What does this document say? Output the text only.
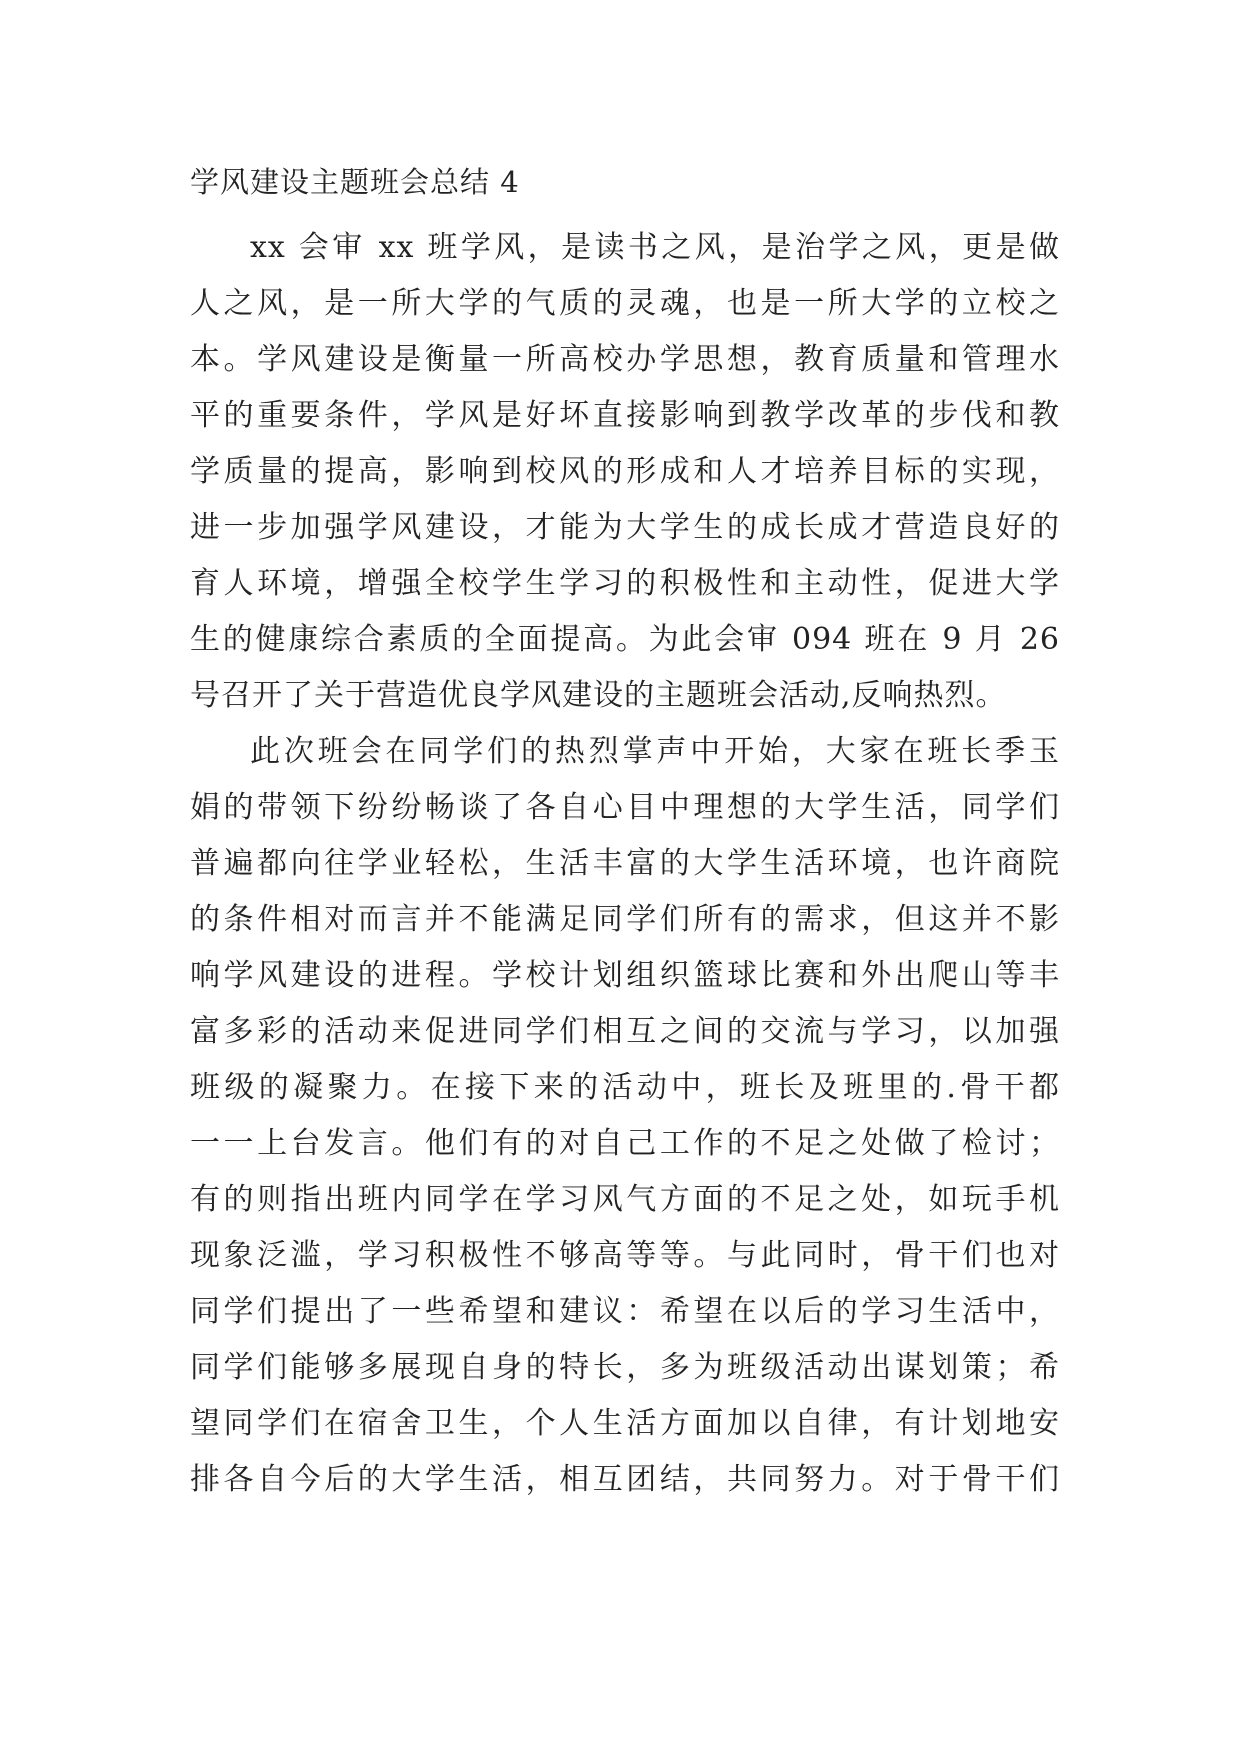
学风建设主题班会总结 4
xx 会审 xx 班学风，是读书之风，是治学之风，更是做
人之风，是一所大学的气质的灵魂，也是一所大学的立校之
本。学风建设是衡量一所高校办学思想，教育质量和管理水
平的重要条件，学风是好坏直接影响到教学改革的步伐和教
学质量的提高，影响到校风的形成和人才培养目标的实现，
进一步加强学风建设，才能为大学生的成长成才营造良好的
育人环境，增强全校学生学习的积极性和主动性，促进大学
生的健康综合素质的全面提高。为此会审 094 班在 9 月 26
号召开了关于营造优良学风建设的主题班会活动,反响热烈。
此次班会在同学们的热烈掌声中开始，大家在班长季玉
娟的带领下纷纷畅谈了各自心目中理想的大学生活，同学们
普遍都向往学业轻松，生活丰富的大学生活环境，也许商院
的条件相对而言并不能满足同学们所有的需求，但这并不影
响学风建设的进程。学校计划组织篮球比赛和外出爬山等丰
富多彩的活动来促进同学们相互之间的交流与学习，以加强
班级的凝聚力。在接下来的活动中，班长及班里的.骨干都
一一上台发言。他们有的对自己工作的不足之处做了检讨；
有的则指出班内同学在学习风气方面的不足之处，如玩手机
现象泛滥，学习积极性不够高等等。与此同时，骨干们也对
同学们提出了一些希望和建议：希望在以后的学习生活中，
同学们能够多展现自身的特长，多为班级活动出谋划策；希
望同学们在宿舍卫生，个人生活方面加以自律，有计划地安
排各自今后的大学生活，相互团结，共同努力。对于骨干们
